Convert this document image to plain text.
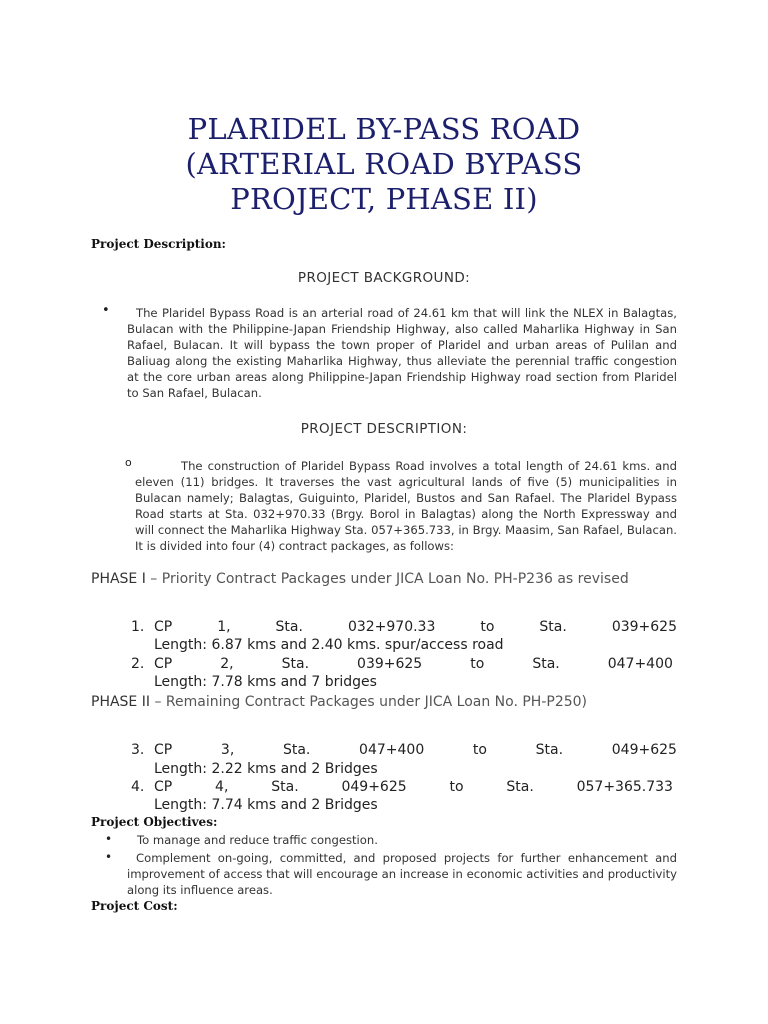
PLARIDEL BY-PASS ROAD
(ARTERIAL ROAD BYPASS
PROJECT, PHASE II)
Project Description:
PROJECT BACKGROUND:
•	The Plaridel Bypass Road is an arterial road of 24.61 km that will link the NLEX in Balagtas, Bulacan with the Philippine-Japan Friendship Highway, also called Maharlika Highway in San Rafael, Bulacan. It will bypass the town proper of Plaridel and urban areas of Pulilan and Baliuag along the existing Maharlika Highway, thus alleviate the perennial traffic congestion at the core urban areas along Philippine-Japan Friendship Highway road section from Plaridel to San Rafael, Bulacan.
PROJECT DESCRIPTION:
o	The construction of Plaridel Bypass Road involves a total length of 24.61 kms. and eleven (11) bridges. It traverses the vast agricultural lands of five (5) municipalities in Bulacan namely; Balagtas, Guiguinto, Plaridel, Bustos and San Rafael. The Plaridel Bypass Road starts at Sta. 032+970.33 (Brgy. Borol in Balagtas) along the North Expressway and will connect the Maharlika Highway Sta. 057+365.733, in Brgy. Maasim, San Rafael, Bulacan. It is divided into four (4) contract packages, as follows:
PHASE I – Priority Contract Packages under JICA Loan No. PH-P236 as revised
1. CP	1,	Sta.	032+970.33	to	Sta.	039+625
Length: 6.87 kms and 2.40 kms. spur/access road
2. CP	2,	Sta.	039+625	to	Sta.	047+400
Length: 7.78 kms and 7 bridges
PHASE II – Remaining Contract Packages under JICA Loan No. PH-P250)
3. CP	3,	Sta.	047+400	to	Sta.	049+625
Length: 2.22 kms and 2 Bridges
4. CP	4,	Sta.	049+625	to	Sta.	057+365.733
Length: 7.74 kms and 2 Bridges
Project Objectives:
• To manage and reduce traffic congestion.
•	Complement on-going, committed, and proposed projects for further enhancement and improvement of access that will encourage an increase in economic activities and productivity along its influence areas.
Project Cost:
